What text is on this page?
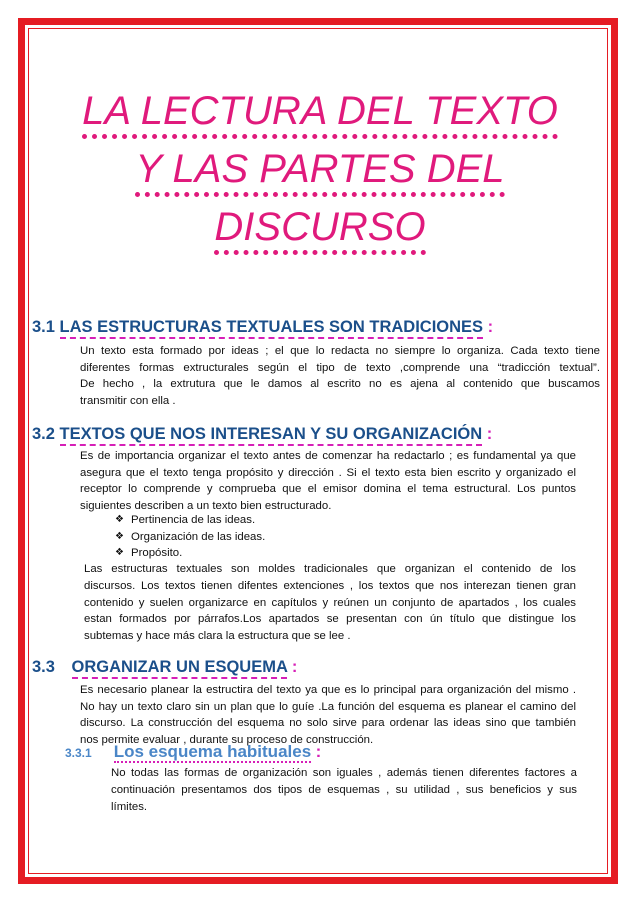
LA LECTURA DEL TEXTO
Y LAS PARTES DEL
DISCURSO
3.1 LAS ESTRUCTURAS TEXTUALES SON TRADICIONES :
Un texto esta formado por ideas ; el que lo redacta no siempre lo organiza. Cada texto tiene
diferentes formas extructurales según el tipo de texto ,comprende una “tradicción textual”.
De hecho , la extrutura que le damos al escrito no es ajena al contenido que buscamos
transmitir con ella .
3.2 TEXTOS QUE NOS INTERESAN Y SU ORGANIZACIÓN :
Es de importancia organizar el texto antes de comenzar ha redactarlo ; es fundamental ya que
asegura que el texto tenga propósito y dirección . Si el texto esta bien escrito y organizado el
receptor lo comprende y comprueba que el emisor domina el tema estructural. Los puntos
siguientes describen a un texto bien estructurado.
❖ Pertinencia de las ideas.
❖ Organización de las ideas.
❖ Propósito.
Las estructuras textuales son moldes tradicionales que organizan el contenido de los
discursos. Los textos tienen difentes extenciones , los textos que nos interezan tienen gran
contenido y suelen organizarce en capítulos y reúnen un conjunto de apartados , los cuales
estan formados por párrafos.Los apartados se presentan con ún título que distingue los
subtemas y hace más clara la estructura que se lee .
3.3 ORGANIZAR UN ESQUEMA :
Es necesario planear la estructira del texto ya que es lo principal para organización del mismo .
No hay un texto claro sin un plan que lo guíe .La función del esquema es planear el camino del
discurso. La construcción del esquema no solo sirve para ordenar las ideas sino que también
nos permite evaluar , durante su proceso de construcción.
3.3.1 Los esquema habituales :
No todas las formas de organización son iguales , además tienen diferentes factores a
continuación presentamos dos tipos de esquemas , su utilidad , sus beneficios y sus
límites.
